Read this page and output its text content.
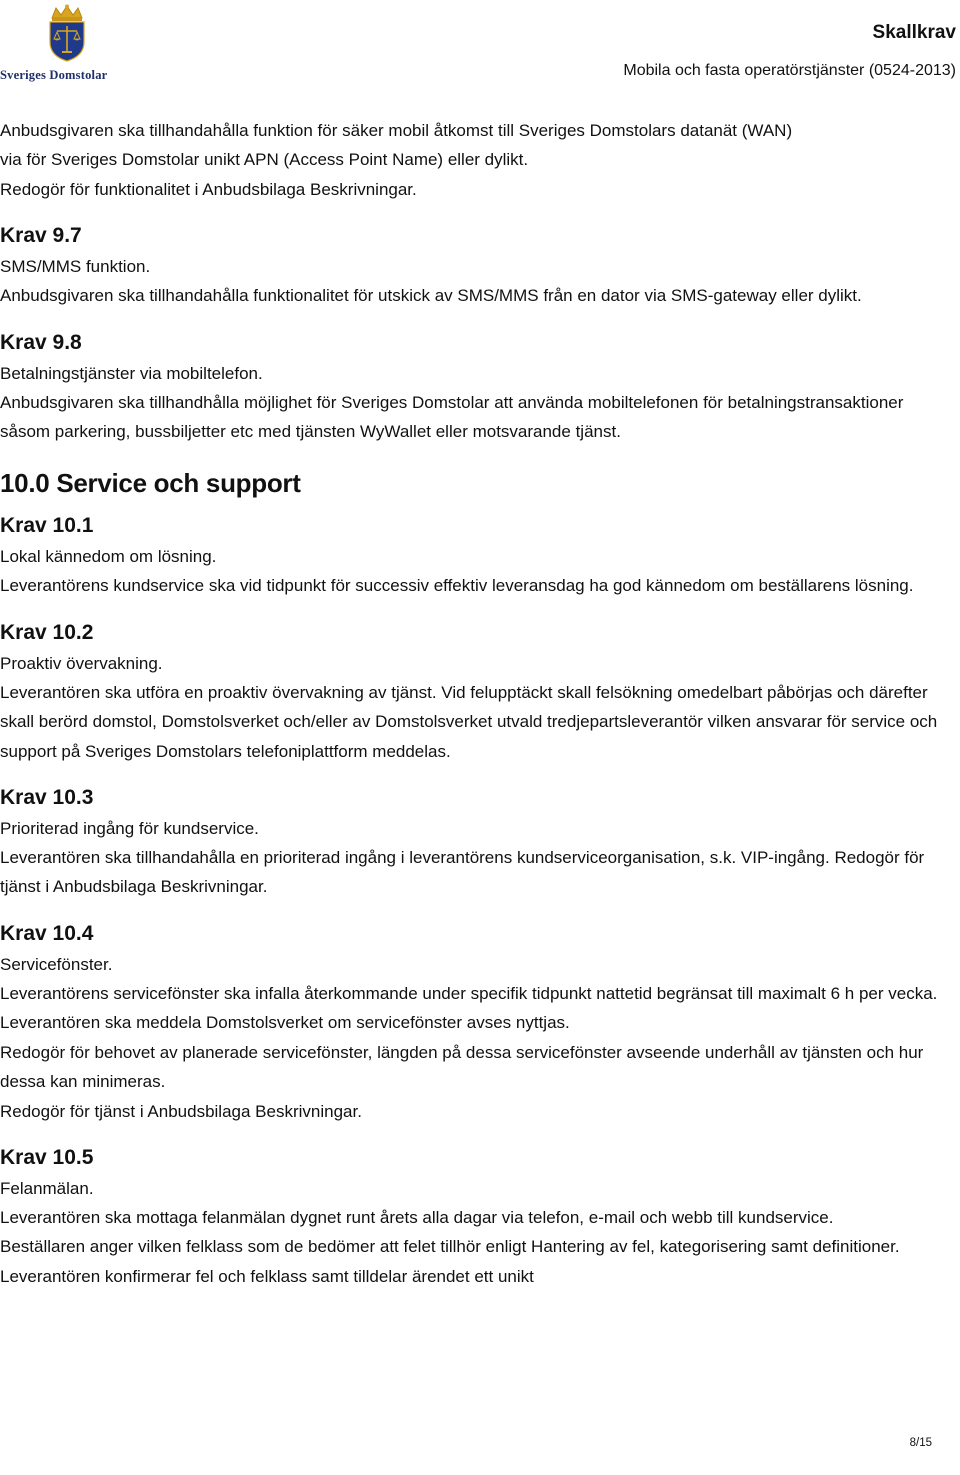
Sveriges Domstolar
Skallkrav
Mobila och fasta operatörstjänster (0524-2013)

Anbudsgivaren ska tillhandahålla funktion för säker mobil åtkomst till Sveriges Domstolars datanät (WAN)

via för Sveriges Domstolar unikt APN (Access Point Name) eller dylikt.

Redogör för funktionalitet i Anbudsbilaga Beskrivningar.

Krav 9.7

SMS/MMS funktion.

Anbudsgivaren ska tillhandahålla funktionalitet för utskick av SMS/MMS från en dator via SMS-gateway eller dylikt.

Krav 9.8

Betalningstjänster via mobiltelefon.

Anbudsgivaren ska tillhandhålla möjlighet för Sveriges Domstolar att använda mobiltelefonen för betalningstransaktioner såsom parkering, bussbiljetter etc med tjänsten WyWallet eller motsvarande tjänst.

10.0 Service och support

Krav 10.1

Lokal kännedom om lösning.

Leverantörens kundservice ska vid tidpunkt för successiv effektiv leveransdag ha god kännedom om beställarens lösning.

Krav 10.2

Proaktiv övervakning.

Leverantören ska utföra en proaktiv övervakning av tjänst. Vid felupptäckt skall felsökning omedelbart påbörjas och därefter skall berörd domstol, Domstolsverket och/eller av Domstolsverket utvald tredjepartsleverantör vilken ansvarar för service och support på Sveriges Domstolars telefoniplattform meddelas.

Krav 10.3

Prioriterad ingång för kundservice.

Leverantören ska tillhandahålla en prioriterad ingång i leverantörens kundserviceorganisation, s.k. VIP-ingång. Redogör för tjänst i Anbudsbilaga Beskrivningar.

Krav 10.4

Servicefönster.

Leverantörens servicefönster ska infalla återkommande under specifik tidpunkt nattetid begränsat till maximalt 6 h per vecka. Leverantören ska meddela Domstolsverket om servicefönster avses nyttjas.

Redogör för behovet av planerade servicefönster, längden på dessa servicefönster avseende underhåll av tjänsten och hur dessa kan minimeras.

Redogör för tjänst i Anbudsbilaga Beskrivningar.

Krav 10.5

Felanmälan.

Leverantören ska mottaga felanmälan dygnet runt årets alla dagar via telefon, e-mail och webb till kundservice. Beställaren anger vilken felklass som de bedömer att felet tillhör enligt Hantering av fel, kategorisering samt definitioner. Leverantören konfirmerar fel och felklass samt tilldelar ärendet ett unikt

8/15
